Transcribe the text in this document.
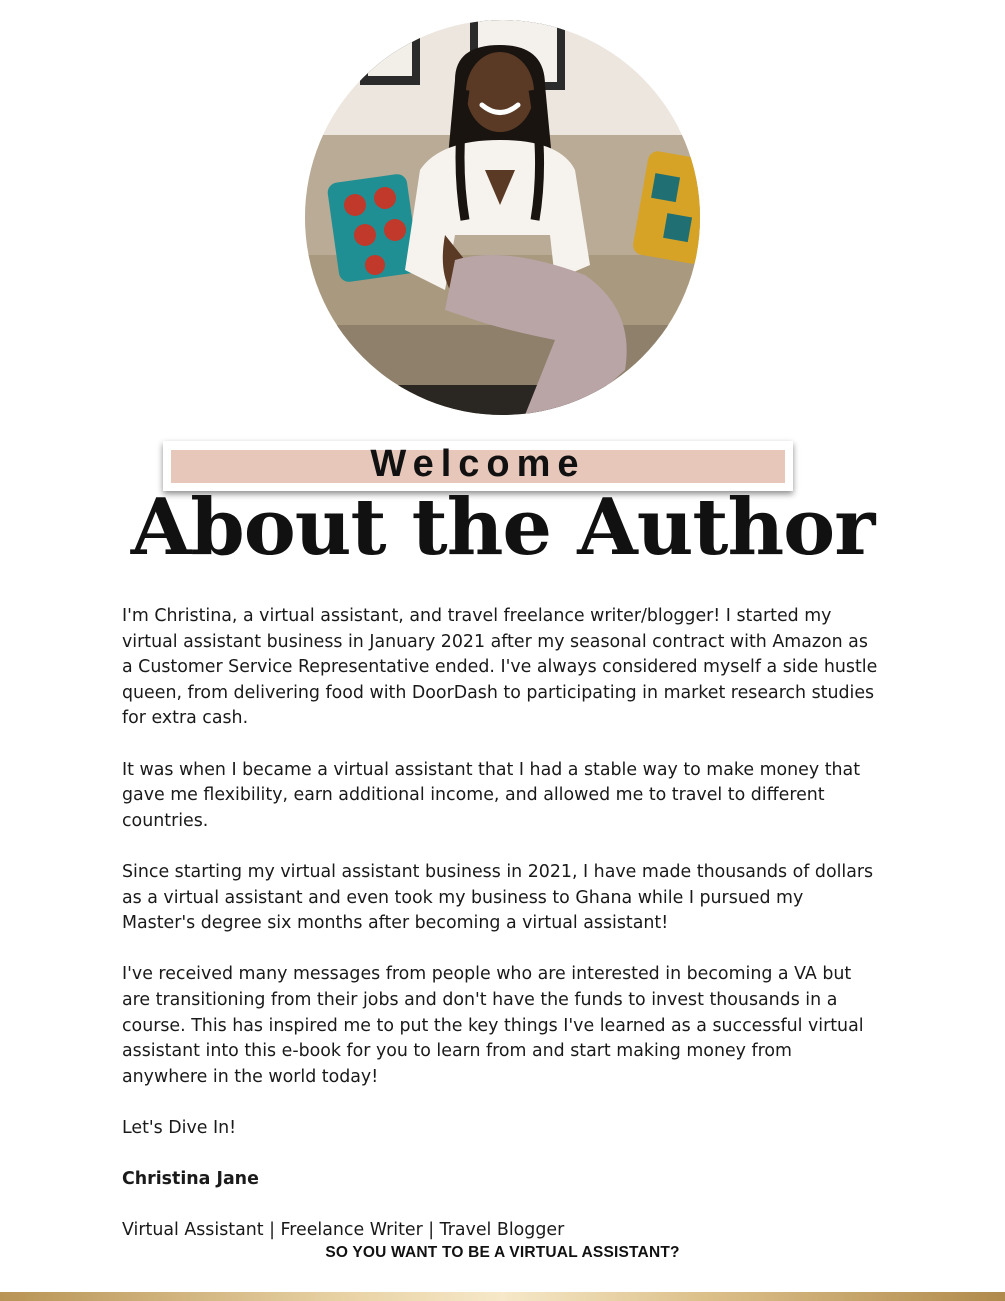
Welcome
About the Author

I'm Christina, a virtual assistant, and travel freelance writer/blogger! I started my virtual assistant business in January 2021 after my seasonal contract with Amazon as a Customer Service Representative ended. I've always considered myself a side hustle queen, from delivering food with DoorDash to participating in market research studies for extra cash.

It was when I became a virtual assistant that I had a stable way to make money that gave me flexibility, earn additional income, and allowed me to travel to different countries.

Since starting my virtual assistant business in 2021, I have made thousands of dollars as a virtual assistant and even took my business to Ghana while I pursued my Master's degree six months after becoming a virtual assistant!

I've received many messages from people who are interested in becoming a VA but are transitioning from their jobs and don't have the funds to invest thousands in a course. This has inspired me to put the key things I've learned as a successful virtual assistant into this e-book for you to learn from and start making money from anywhere in the world today!

Let's Dive In!

Christina Jane

Virtual Assistant | Freelance Writer | Travel Blogger

SO YOU WANT TO BE A VIRTUAL ASSISTANT?
